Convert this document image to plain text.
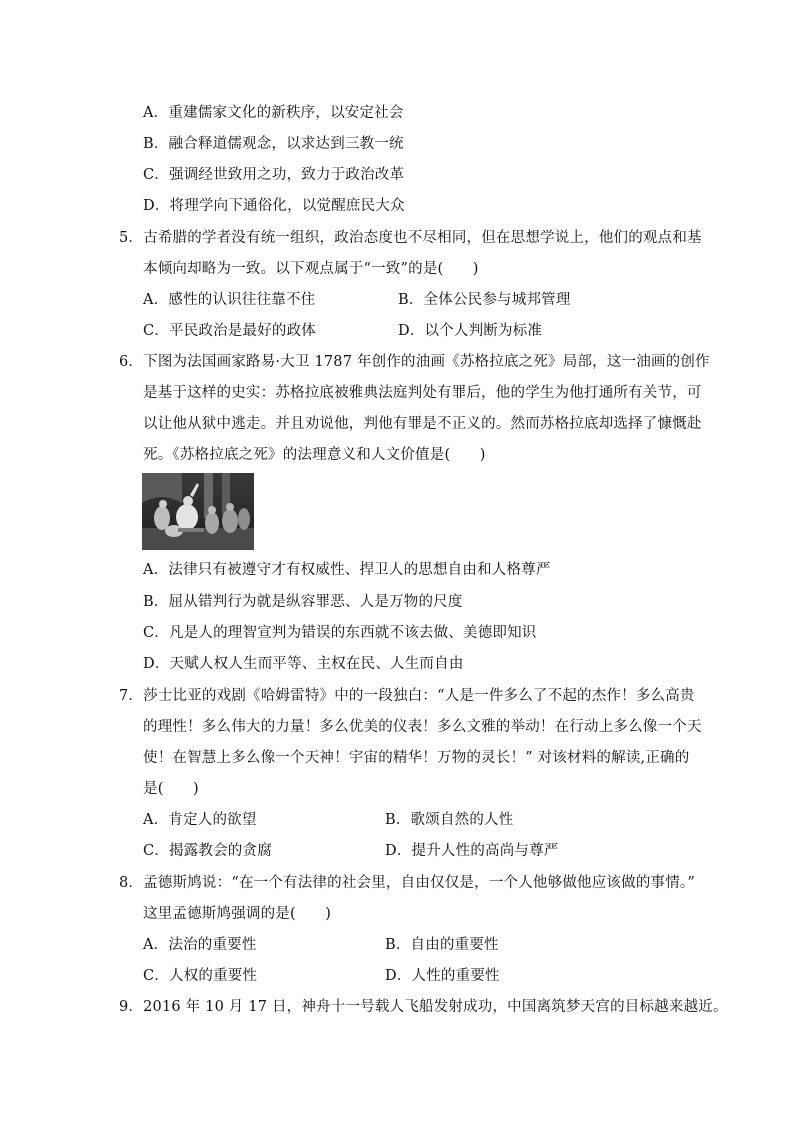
A．重建儒家文化的新秩序，以安定社会
B．融合释道儒观念，以求达到三教一统
C．强调经世致用之功，致力于政治改革
D．将理学向下通俗化，以觉醒庶民大众
5．古希腊的学者没有统一组织，政治态度也不尽相同，但在思想学说上，他们的观点和基
本倾向却略为一致。以下观点属于“一致”的是(　　)
A．感性的认识往往靠不住	B．全体公民参与城邦管理
C．平民政治是最好的政体	D．以个人判断为标准
6．下图为法国画家路易·大卫 1787 年创作的油画《苏格拉底之死》局部，这一油画的创作
是基于这样的史实：苏格拉底被雅典法庭判处有罪后，他的学生为他打通所有关节，可
以让他从狱中逃走。并且劝说他，判他有罪是不正义的。然而苏格拉底却选择了慷慨赴
死。《苏格拉底之死》的法理意义和人文价值是(　　)
A．法律只有被遵守才有权威性、捍卫人的思想自由和人格尊严
B．屈从错判行为就是纵容罪恶、人是万物的尺度
C．凡是人的理智宣判为错误的东西就不该去做、美德即知识
D．天赋人权人生而平等、主权在民、人生而自由
7．莎士比亚的戏剧《哈姆雷特》中的一段独白：“人是一件多么了不起的杰作！多么高贵
的理性！多么伟大的力量！多么优美的仪表！多么文雅的举动！在行动上多么像一个天
使！在智慧上多么像一个天神！宇宙的精华！万物的灵长！” 对该材料的解读,正确的
是(　　)
A．肯定人的欲望	B．歌颂自然的人性
C．揭露教会的贪腐	D．提升人性的高尚与尊严
8．孟德斯鸠说：“在一个有法律的社会里，自由仅仅是，一个人他够做他应该做的事情。”
这里孟德斯鸠强调的是(　　)
A．法治的重要性	B．自由的重要性
C．人权的重要性	D．人性的重要性
9．2016 年 10 月 17 日，神舟十一号载人飞船发射成功，中国离筑梦天宫的目标越来越近。
